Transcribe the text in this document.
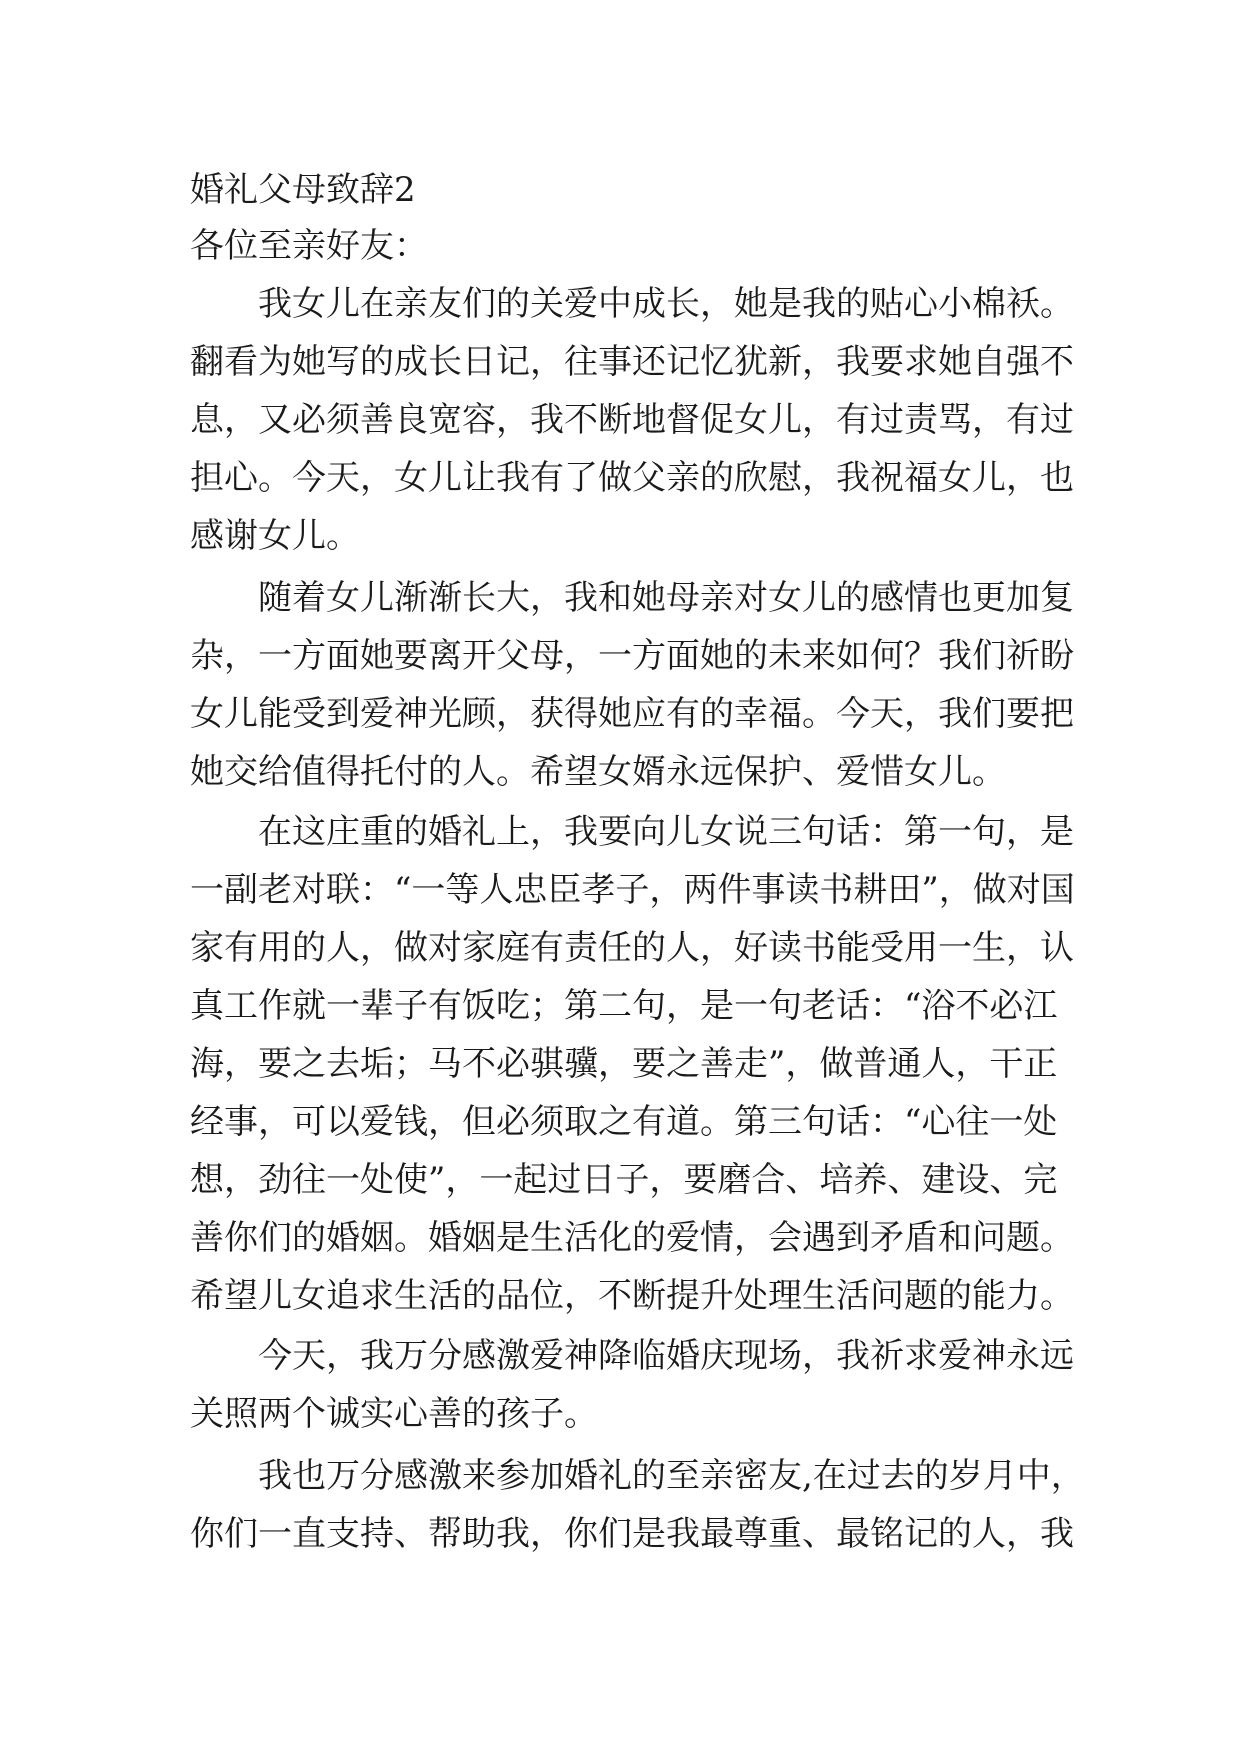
婚礼父母致辞2

各位至亲好友：

　　我女儿在亲友们的关爱中成长，她是我的贴心小棉袄。

翻看为她写的成长日记，往事还记忆犹新，我要求她自强不

息，又必须善良宽容，我不断地督促女儿，有过责骂，有过

担心。今天，女儿让我有了做父亲的欣慰，我祝福女儿，也

感谢女儿。

　　随着女儿渐渐长大，我和她母亲对女儿的感情也更加复

杂，一方面她要离开父母，一方面她的未来如何？我们祈盼

女儿能受到爱神光顾，获得她应有的幸福。今天，我们要把

她交给值得托付的人。希望女婿永远保护、爱惜女儿。

　　在这庄重的婚礼上，我要向儿女说三句话：第一句，是

一副老对联：“一等人忠臣孝子，两件事读书耕田”，做对国

家有用的人，做对家庭有责任的人，好读书能受用一生，认

真工作就一辈子有饭吃；第二句，是一句老话：“浴不必江

海，要之去垢；马不必骐骥，要之善走”，做普通人，干正

经事，可以爱钱，但必须取之有道。第三句话：“心往一处

想，劲往一处使”，一起过日子，要磨合、培养、建设、完

善你们的婚姻。婚姻是生活化的爱情，会遇到矛盾和问题。

希望儿女追求生活的品位，不断提升处理生活问题的能力。

　　今天，我万分感激爱神降临婚庆现场，我祈求爱神永远

关照两个诚实心善的孩子。

　　我也万分感激来参加婚礼的至亲密友,在过去的岁月中，

你们一直支持、帮助我，你们是我最尊重、最铭记的人，我
